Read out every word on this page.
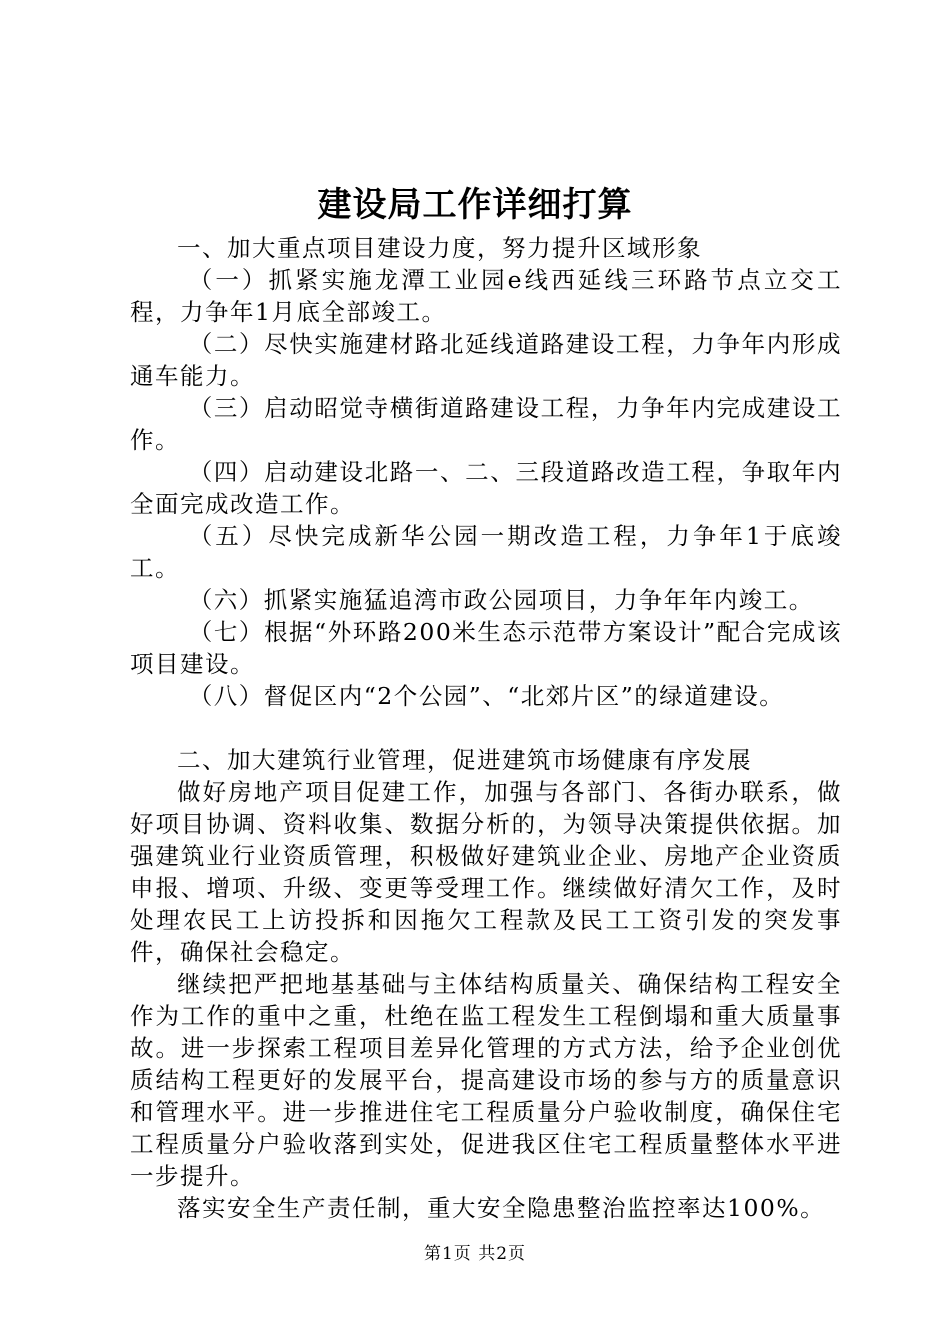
建设局工作详细打算

一、加大重点项目建设力度，努力提升区域形象

（一）抓紧实施龙潭工业园e线西延线三环路节点立交工程，力争年1月底全部竣工。

（二）尽快实施建材路北延线道路建设工程，力争年内形成通车能力。

（三）启动昭觉寺横街道路建设工程，力争年内完成建设工作。

（四）启动建设北路一、二、三段道路改造工程，争取年内全面完成改造工作。

（五）尽快完成新华公园一期改造工程，力争年1于底竣工。

（六）抓紧实施猛追湾市政公园项目，力争年年内竣工。

（七）根据“外环路200米生态示范带方案设计”配合完成该项目建设。

（八）督促区内“2个公园”、“北郊片区”的绿道建设。

二、加大建筑行业管理，促进建筑市场健康有序发展

做好房地产项目促建工作，加强与各部门、各街办联系，做好项目协调、资料收集、数据分析的，为领导决策提供依据。加强建筑业行业资质管理，积极做好建筑业企业、房地产企业资质申报、增项、升级、变更等受理工作。继续做好清欠工作，及时处理农民工上访投拆和因拖欠工程款及民工工资引发的突发事件，确保社会稳定。

继续把严把地基基础与主体结构质量关、确保结构工程安全作为工作的重中之重，杜绝在监工程发生工程倒塌和重大质量事故。进一步探索工程项目差异化管理的方式方法，给予企业创优质结构工程更好的发展平台，提高建设市场的参与方的质量意识和管理水平。进一步推进住宅工程质量分户验收制度，确保住宅工程质量分户验收落到实处，促进我区住宅工程质量整体水平进一步提升。

落实安全生产责任制，重大安全隐患整治监控率达100%。

第1页 共2页
